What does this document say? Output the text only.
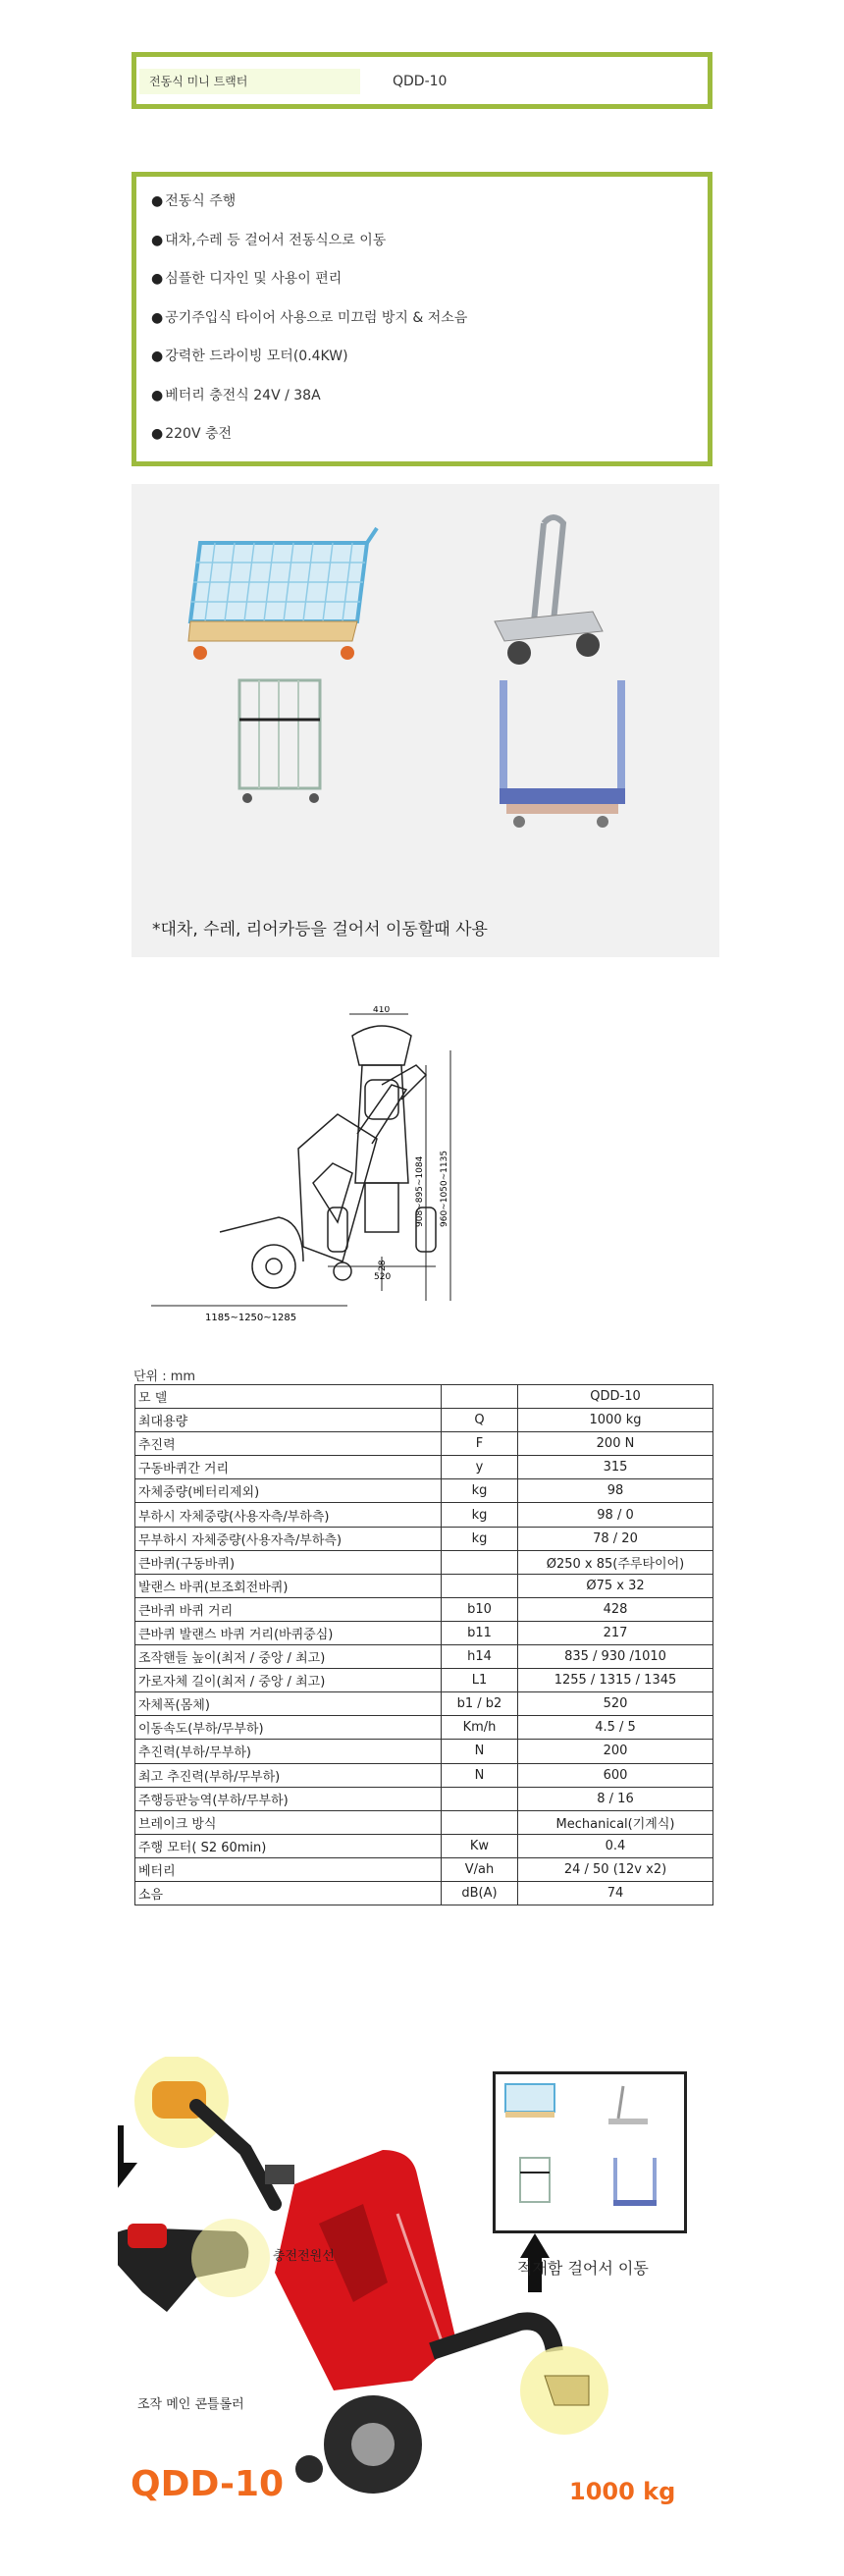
전동식 미니 트랙터	QDD-10
● 전동식 주행
● 대차,수레 등 걸어서 전동식으로 이동
● 심플한 디자인 및 사용이 편리
● 공기주입식 타이어 사용으로 미끄럼 방지 & 저소음
● 강력한 드라이빙 모터(0.4KW)
● 베터리 충전식 24V / 38A
● 220V 충전
*대차, 수레, 리어카등을 걸어서 이동할때 사용
1185~1250~1285
28
908~895~1084 960~1050~1135
410
520
단위 : mm
모 델		QDD-10
최대용량	Q	1000 kg
추진력	F	200 N
구동바퀴간 거리	y	315
자체중량(베터리제외)	kg	98
부하시 자체중량(사용자측/부하측)	kg	98 / 0
무부하시 자체중량(사용자측/부하측)	kg	78 / 20
큰바퀴(구동바퀴)		Ø250 x 85(주루타이어)
발랜스 바퀴(보조회전바퀴)		Ø75 x 32
큰바퀴 바퀴 거리	b10	428
큰바퀴 발랜스 바퀴 거리(바퀴중심)	b11	217
조작핸들 높이(최저 / 중앙 / 최고)	h14	835 / 930 /1010
가로자체 길이(최저 / 중앙 / 최고)	L1	1255 / 1315 / 1345
자체폭(몸체)	b1 / b2	520
이동속도(부하/무부하)	Km/h	4.5 / 5
추진력(부하/무부하)	N	200
최고 추진력(부하/무부하)	N	600
주행등판능역(부하/무부하)		8 / 16
브레이크 방식		Mechanical(기계식)
주행 모터( S2 60min)	Kw	0.4
베터리	V/ah	24 / 50 (12v x2)
소음	dB(A)	74
충전전원선
적재함 걸어서 이동
조작 메인 콘틀롤러
QDD-10	1000 kg
